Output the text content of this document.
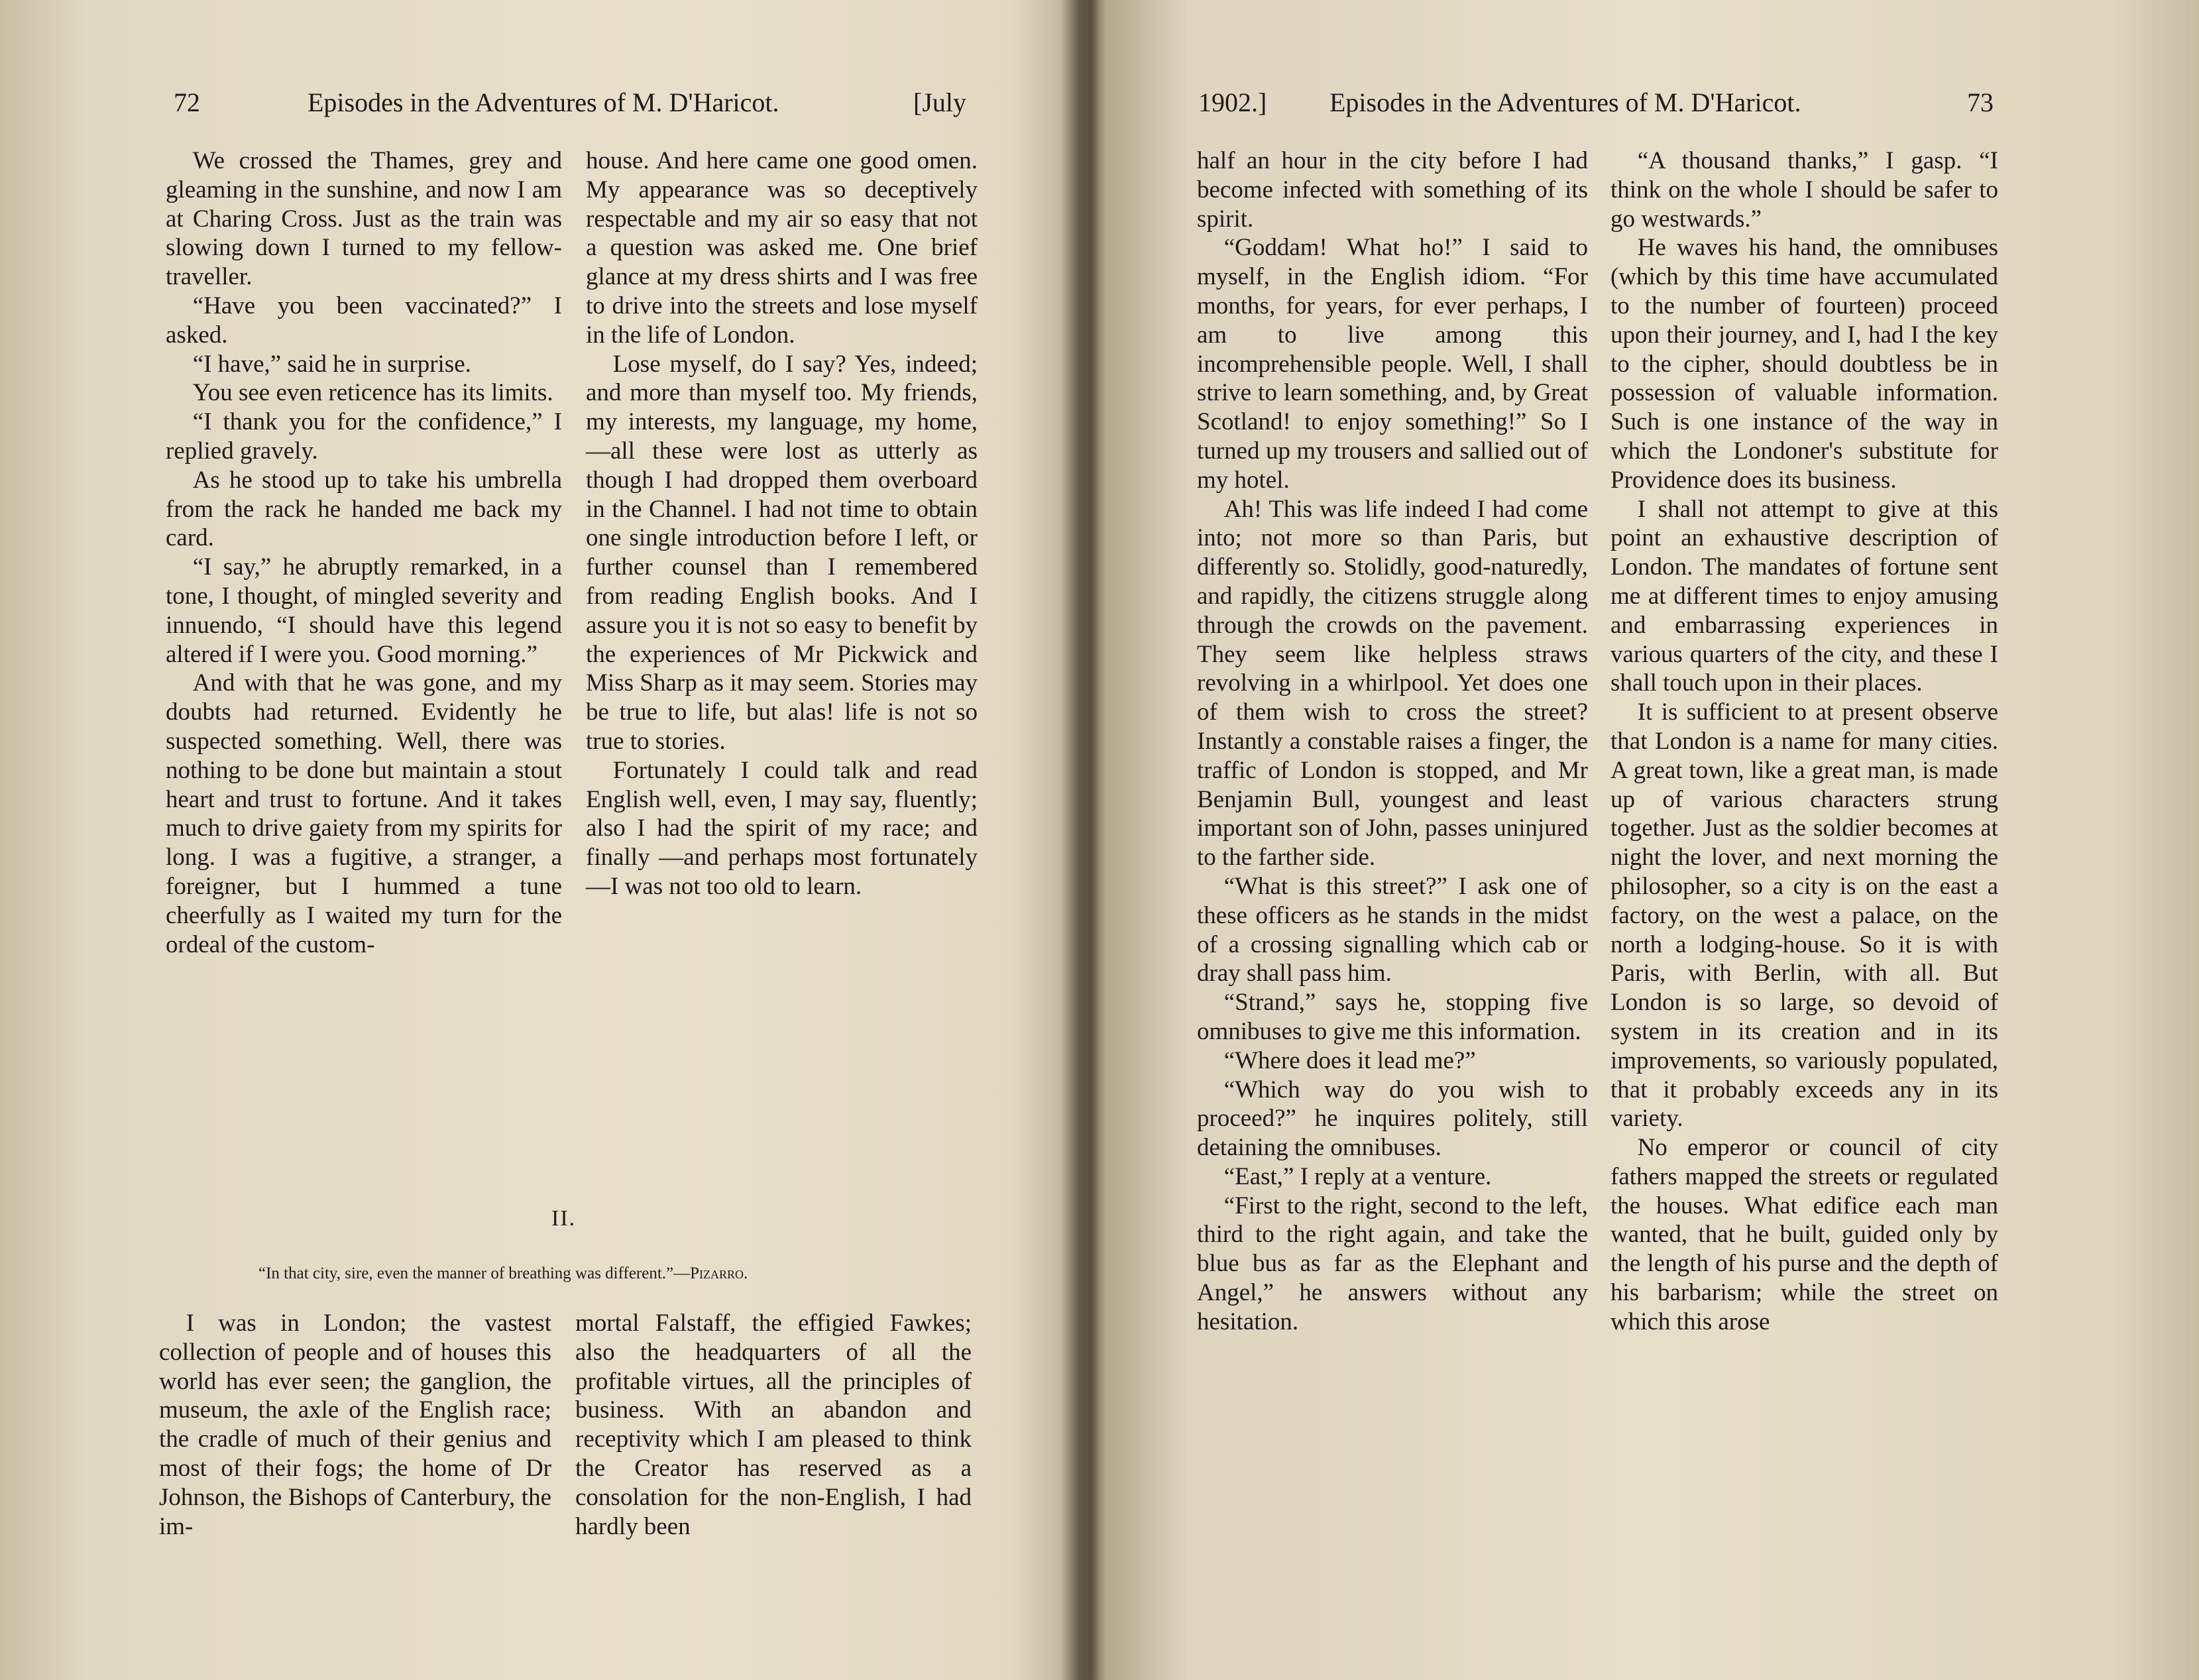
72	Episodes in the Adventures of M. D'Haricot.	[July

We crossed the Thames, grey and gleaming in the sunshine, and now I am at Charing Cross. Just as the train was slowing down I turned to my fellow-traveller.

“Have you been vaccinated?” I asked.

“I have,” said he in surprise.

You see even reticence has its limits.

“I thank you for the confidence,” I replied gravely.

As he stood up to take his umbrella from the rack he handed me back my card.

“I say,” he abruptly remarked, in a tone, I thought, of mingled severity and innuendo, “I should have this legend altered if I were you. Good morning.”

And with that he was gone, and my doubts had returned. Evidently he suspected something. Well, there was nothing to be done but maintain a stout heart and trust to fortune. And it takes much to drive gaiety from my spirits for long. I was a fugitive, a stranger, a foreigner, but I hummed a tune cheerfully as I waited my turn for the ordeal of the custom-

house. And here came one good omen. My appearance was so deceptively respectable and my air so easy that not a question was asked me. One brief glance at my dress shirts and I was free to drive into the streets and lose myself in the life of London.

Lose myself, do I say? Yes, indeed; and more than myself too. My friends, my interests, my language, my home,—all these were lost as utterly as though I had dropped them overboard in the Channel. I had not time to obtain one single introduction before I left, or further counsel than I remembered from reading English books. And I assure you it is not so easy to benefit by the experiences of Mr Pickwick and Miss Sharp as it may seem. Stories may be true to life, but alas! life is not so true to stories.

Fortunately I could talk and read English well, even, I may say, fluently; also I had the spirit of my race; and finally —and perhaps most fortunately—I was not too old to learn.

II.
“In that city, sire, even the manner of breathing was different.”—Pizarro.

I was in London; the vastest collection of people and of houses this world has ever seen; the ganglion, the museum, the axle of the English race; the cradle of much of their genius and most of their fogs; the home of Dr Johnson, the Bishops of Canterbury, the im-

mortal Falstaff, the effigied Fawkes; also the headquarters of all the profitable virtues, all the principles of business. With an abandon and receptivity which I am pleased to think the Creator has reserved as a consolation for the non-English, I had hardly been

1902.] Episodes in the Adventures of M. D'Haricot.	73

half an hour in the city before I had become infected with something of its spirit.

“Goddam! What ho!” I said to myself, in the English idiom. “For months, for years, for ever perhaps, I am to live among this incomprehensible people. Well, I shall strive to learn something, and, by Great Scotland! to enjoy something!” So I turned up my trousers and sallied out of my hotel.

Ah! This was life indeed I had come into; not more so than Paris, but differently so. Stolidly, good-naturedly, and rapidly, the citizens struggle along through the crowds on the pavement. They seem like helpless straws revolving in a whirlpool. Yet does one of them wish to cross the street? Instantly a constable raises a finger, the traffic of London is stopped, and Mr Benjamin Bull, youngest and least important son of John, passes uninjured to the farther side.

“What is this street?” I ask one of these officers as he stands in the midst of a crossing signalling which cab or dray shall pass him.

“Strand,” says he, stopping five omnibuses to give me this information.

“Where does it lead me?”

“Which way do you wish to proceed?” he inquires politely, still detaining the omnibuses.

“East,” I reply at a venture.

“First to the right, second to the left, third to the right again, and take the blue bus as far as the Elephant and Angel,” he answers without any hesitation.

“A thousand thanks,” I gasp. “I think on the whole I should be safer to go westwards.”

He waves his hand, the omnibuses (which by this time have accumulated to the number of fourteen) proceed upon their journey, and I, had I the key to the cipher, should doubtless be in possession of valuable information. Such is one instance of the way in which the Londoner's substitute for Providence does its business.

I shall not attempt to give at this point an exhaustive description of London. The mandates of fortune sent me at different times to enjoy amusing and embarrassing experiences in various quarters of the city, and these I shall touch upon in their places.

It is sufficient to at present observe that London is a name for many cities. A great town, like a great man, is made up of various characters strung together. Just as the soldier becomes at night the lover, and next morning the philosopher, so a city is on the east a factory, on the west a palace, on the north a lodging-house. So it is with Paris, with Berlin, with all. But London is so large, so devoid of system in its creation and in its improvements, so variously populated, that it probably exceeds any in its variety.

No emperor or council of city fathers mapped the streets or regulated the houses. What edifice each man wanted, that he built, guided only by the length of his purse and the depth of his barbarism; while the street on which this arose
